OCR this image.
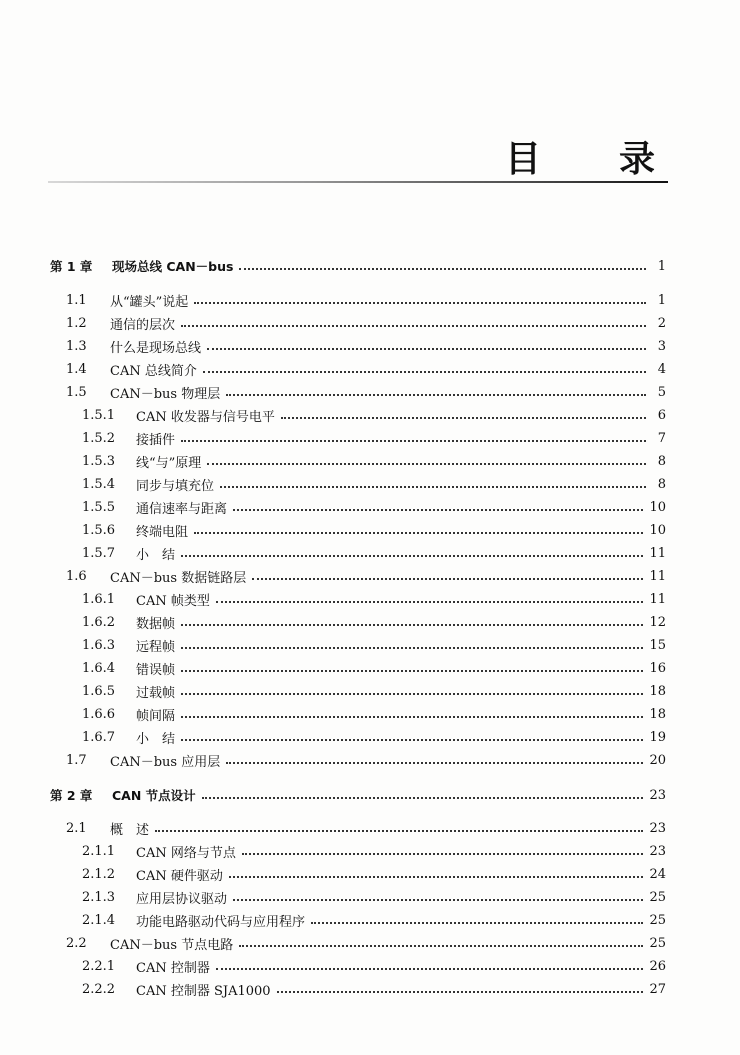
目 录
第 1 章	现场总线 CAN－bus	1
1.1	从“罐头”说起	1
1.2	通信的层次	2
1.3	什么是现场总线	3
1.4	CAN 总线简介	4
1.5	CAN－bus 物理层	5
1.5.1	CAN 收发器与信号电平	6
1.5.2	接插件	7
1.5.3	线“与”原理	8
1.5.4	同步与填充位	8
1.5.5	通信速率与距离	10
1.5.6	终端电阻	10
1.5.7	小　结	11
1.6	CAN－bus 数据链路层	11
1.6.1	CAN 帧类型	11
1.6.2	数据帧	12
1.6.3	远程帧	15
1.6.4	错误帧	16
1.6.5	过载帧	18
1.6.6	帧间隔	18
1.6.7	小　结	19
1.7	CAN－bus 应用层	20
第 2 章	CAN 节点设计	23
2.1	概　述	23
2.1.1	CAN 网络与节点	23
2.1.2	CAN 硬件驱动	24
2.1.3	应用层协议驱动	25
2.1.4	功能电路驱动代码与应用程序	25
2.2	CAN－bus 节点电路	25
2.2.1	CAN 控制器	26
2.2.2	CAN 控制器 SJA1000	27
